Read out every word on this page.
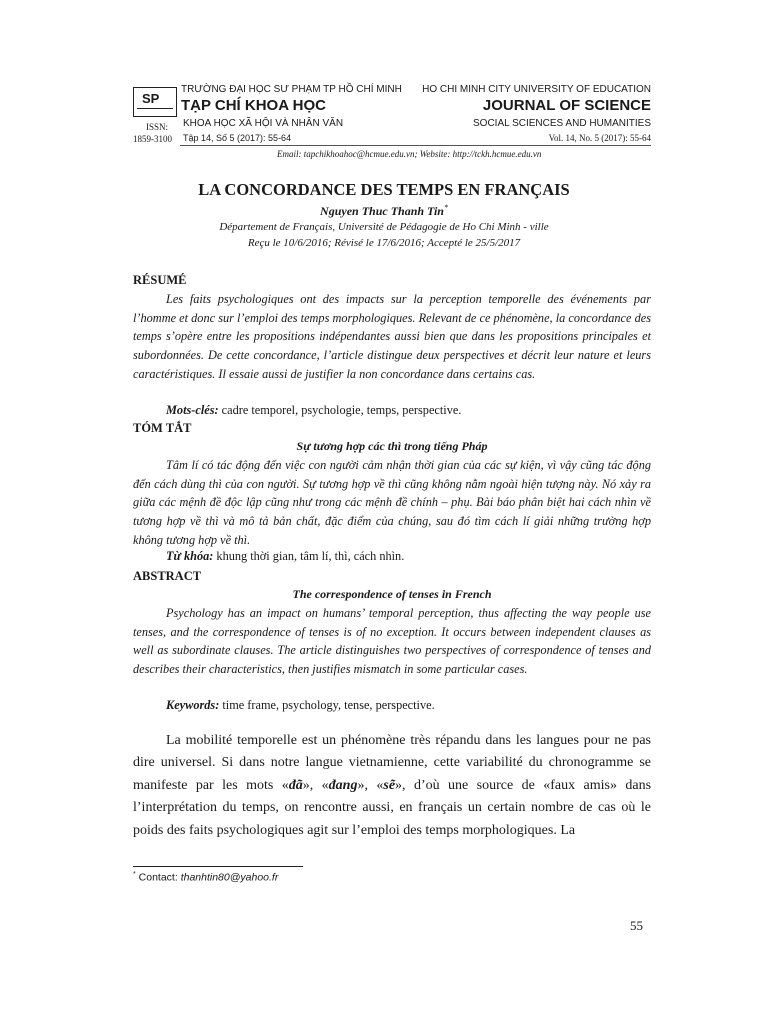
SP
ISSN:
1859-3100
TRƯỜNG ĐẠI HỌC SƯ PHẠM TP HỒ CHÍ MINH
TẠP CHÍ KHOA HỌC
KHOA HỌC XÃ HỘI VÀ NHÂN VĂN
Tập 14, Số 5 (2017): 55-64
HO CHI MINH CITY UNIVERSITY OF EDUCATION
JOURNAL OF SCIENCE
SOCIAL SCIENCES AND HUMANITIES
Vol. 14, No. 5 (2017): 55-64
Email: tapchikhoahoc@hcmue.edu.vn; Website: http://tckh.hcmue.edu.vn
LA CONCORDANCE DES TEMPS EN FRANÇAIS
Nguyen Thuc Thanh Tin*
Département de Français, Université de Pédagogie de Ho Chi Minh - ville
Reçu le 10/6/2016; Révisé le 17/6/2016; Accepté le 25/5/2017
RÉSUMÉ

Les faits psychologiques ont des impacts sur la perception temporelle des événements par l’homme et donc sur l’emploi des temps morphologiques. Relevant de ce phénomène, la concordance des temps s’opère entre les propositions indépendantes aussi bien que dans les propositions principales et subordonnées. De cette concordance, l’article distingue deux perspectives et décrit leur nature et leurs caractéristiques. Il essaie aussi de justifier la non concordance dans certains cas.

Mots-clés: cadre temporel, psychologie, temps, perspective.
TÓM TẮT
Sự tương hợp các thì trong tiếng Pháp

Tâm lí có tác động đến việc con người cảm nhận thời gian của các sự kiện, vì vậy cũng tác động đến cách dùng thì của con người. Sự tương hợp về thì cũng không nằm ngoài hiện tượng này. Nó xảy ra giữa các mệnh đề độc lập cũng như trong các mệnh đề chính – phụ. Bài báo phân biệt hai cách nhìn về tương hợp về thì và mô tả bản chất, đặc điểm của chúng, sau đó tìm cách lí giải những trường hợp không tương hợp về thì.

Từ khóa: khung thời gian, tâm lí, thì, cách nhìn.
ABSTRACT
The correspondence of tenses in French

Psychology has an impact on humans’ temporal perception, thus affecting the way people use tenses, and the correspondence of tenses is of no exception. It occurs between independent clauses as well as subordinate clauses. The article distinguishes two perspectives of correspondence of tenses and describes their characteristics, then justifies mismatch in some particular cases.

Keywords: time frame, psychology, tense, perspective.

La mobilité temporelle est un phénomène très répandu dans les langues pour ne pas dire universel. Si dans notre langue vietnamienne, cette variabilité du chronogramme se manifeste par les mots «đã», «đang», «sẽ», d’où une source de «faux amis» dans l’interprétation du temps, on rencontre aussi, en français un certain nombre de cas où le poids des faits psychologiques agit sur l’emploi des temps morphologiques. La

* Contact: thanhtin80@yahoo.fr
55
